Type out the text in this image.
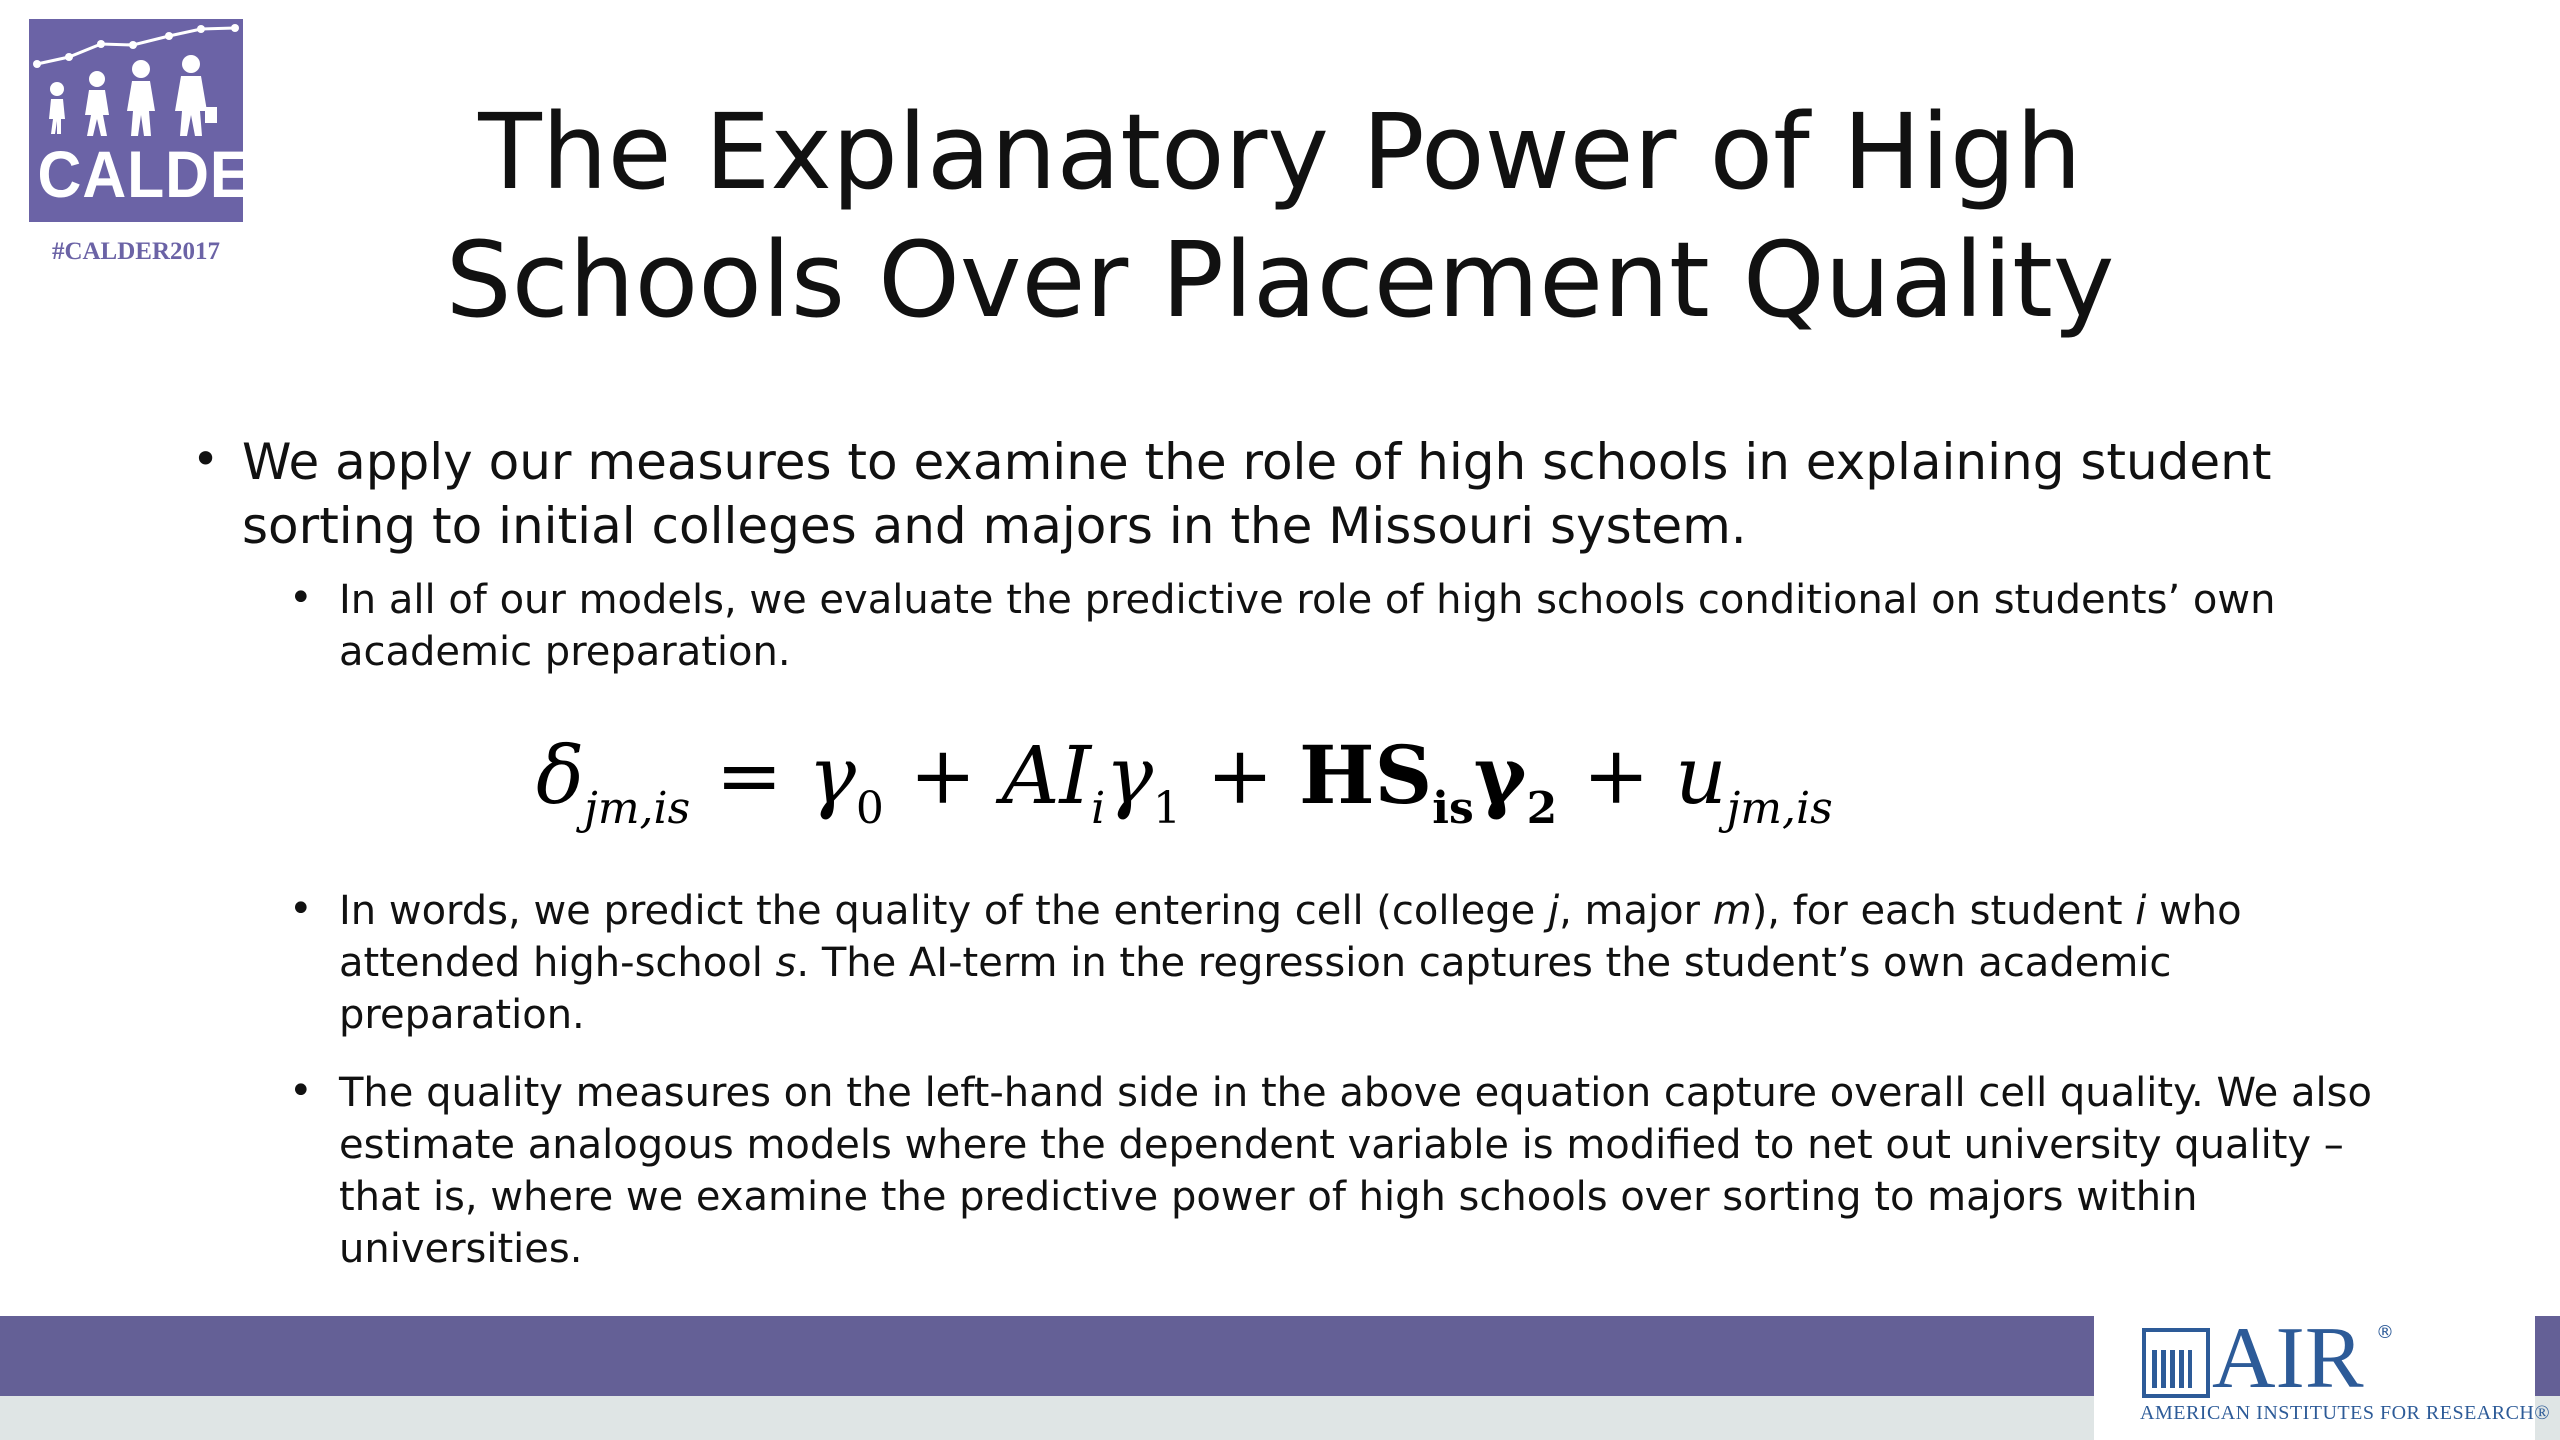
CALDER
#CALDER2017
The Explanatory Power of High
Schools Over Placement Quality
• We apply our measures to examine the role of high schools in explaining student sorting to initial colleges and majors in the Missouri system.
• In all of our models, we evaluate the predictive role of high schools conditional on students’ own academic preparation.
$\delta_{jm,is} = \gamma_0 + AI_i\gamma_1 + HS_{is}\gamma_2 + u_{jm,is}$
• In words, we predict the quality of the entering cell (college j, major m), for each student i who attended high-school s. The AI-term in the regression captures the student’s own academic preparation.
• The quality measures on the left-hand side in the above equation capture overall cell quality. We also estimate analogous models where the dependent variable is modified to net out university quality – that is, where we examine the predictive power of high schools over sorting to majors within universities.
AIR ®
AMERICAN INSTITUTES FOR RESEARCH®
